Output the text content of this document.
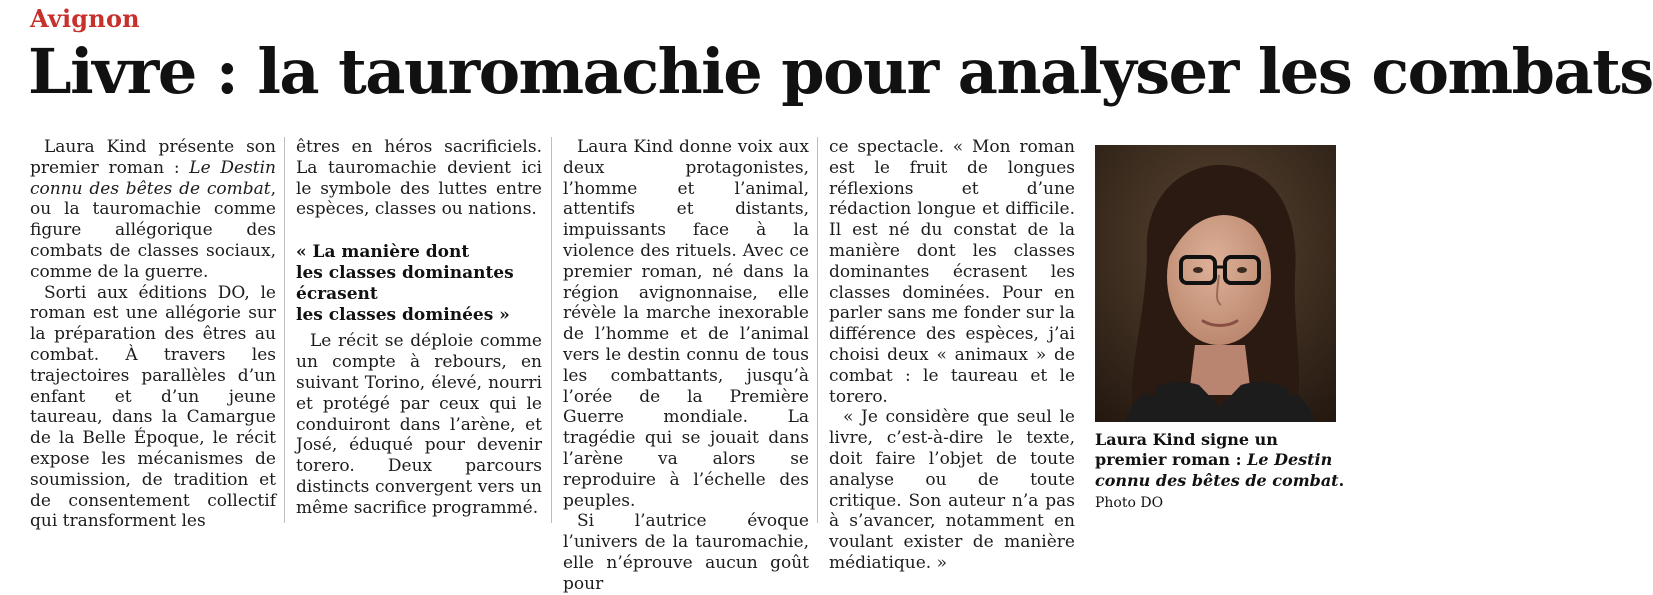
Avignon
Livre : la tauromachie pour analyser les combats

Laura Kind présente son premier roman : Le Destin connu des bêtes de combat, ou la tauromachie comme figure allégorique des combats de classes sociaux, comme de la guerre.

Sorti aux éditions DO, le roman est une allégorie sur la préparation des êtres au combat. À travers les trajectoires parallèles d’un enfant et d’un jeune taureau, dans la Camargue de la Belle Époque, le récit expose les mécanismes de soumission, de tradition et de consentement collectif qui transforment les

êtres en héros sacrificiels. La tauromachie devient ici le symbole des luttes entre espèces, classes ou nations.

« La manière dont
les classes dominantes
écrasent
les classes dominées »

Le récit se déploie comme un compte à rebours, en suivant Torino, élevé, nourri et protégé par ceux qui le conduiront dans l’arène, et José, éduqué pour devenir torero. Deux parcours distincts convergent vers un même sacrifice programmé.

Laura Kind donne voix aux deux protagonistes, l’homme et l’animal, attentifs et distants, impuissants face à la violence des rituels. Avec ce premier roman, né dans la région avignonnaise, elle révèle la marche inexorable de l’homme et de l’animal vers le destin connu de tous les combattants, jusqu’à l’orée de la Première Guerre mondiale. La tragédie qui se jouait dans l’arène va alors se reproduire à l’échelle des peuples.

Si l’autrice évoque l’univers de la tauromachie, elle n’éprouve aucun goût pour

ce spectacle. « Mon roman est le fruit de longues réflexions et d’une rédaction longue et difficile. Il est né du constat de la manière dont les classes dominantes écrasent les classes dominées. Pour en parler sans me fonder sur la différence des espèces, j’ai choisi deux « animaux » de combat : le taureau et le torero.

« Je considère que seul le livre, c’est-à-dire le texte, doit faire l’objet de toute analyse ou de toute critique. Son auteur n’a pas à s’avancer, notamment en voulant exister de manière médiatique. »

Laura Kind signe un premier roman : Le Destin connu des bêtes de combat. Photo DO
